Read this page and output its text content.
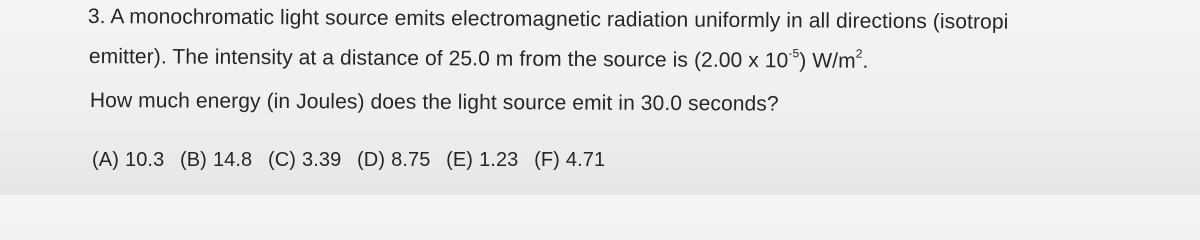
3. A monochromatic light source emits electromagnetic radiation uniformly in all directions (isotropi
emitter). The intensity at a distance of 25.0 m from the source is (2.00 x $10^{-5}$) $W/m^2$.
How much energy (in Joules) does the light source emit in 30.0 seconds?
(A) 10.3 (B) 14.8 (C) 3.39 (D) 8.75 (E) 1.23 (F) 4.71
